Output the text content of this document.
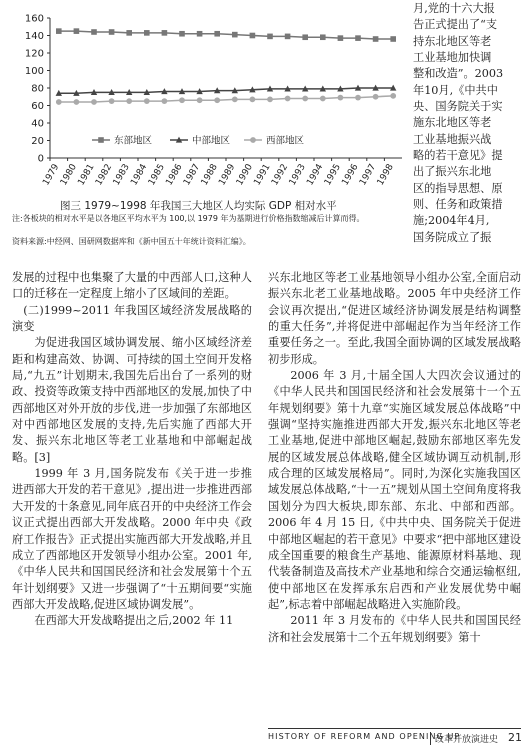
0
20
40
60
80
100
120
140
160
1979
1980
1981
1982
1983
1984
1985
1986
1987
1988
1989
1990
1991
1992
1993
1994
1995
1996
1997
1998
东部地区	中部地区	西部地区
图三 1979~1998 年我国三大地区人均实际 GDP 相对水平
注:各板块的相对水平是以各地区平均水平为 100,以 1979 年为基期进行价格指数缩减后计算而得。
资料来源:中经网、国研网数据库和《新中国五十年统计资料汇编》。
月,党的十六大报
告正式提出了“支
持东北地区等老
工业基地加快调
整和改造”。2003
年10月,《中共中
央、国务院关于实
施东北地区等老
工业基地振兴战
略的若干意见》提
出了振兴东北地
区的指导思想、原
则、任务和政策措
施;2004年4月,
国务院成立了振

发展的过程中也集聚了大量的中西部人口,这种人口的迁移在一定程度上缩小了区域间的差距。

(二)1999~2011 年我国区域经济发展战略的演变

为促进我国区域协调发展、缩小区域经济差距和构建高效、协调、可持续的国土空间开发格局,“九五”计划期末,我国先后出台了一系列的财政、投资等政策支持中西部地区的发展,加快了中西部地区对外开放的步伐,进一步加强了东部地区对中西部地区发展的支持,先后实施了西部大开发、振兴东北地区等老工业基地和中部崛起战略。[3]

1999 年 3 月,国务院发布《关于进一步推进西部大开发的若干意见》,提出进一步推进西部大开发的十条意见,同年底召开的中央经济工作会议正式提出西部大开发战略。2000 年中央《政府工作报告》正式提出实施西部大开发战略,并且成立了西部地区开发领导小组办公室。2001 年,《中华人民共和国国民经济和社会发展第十个五年计划纲要》又进一步强调了“十五期间要“实施西部大开发战略,促进区域协调发展”。

在西部大开发战略提出之后,2002 年 11

兴东北地区等老工业基地领导小组办公室,全面启动振兴东北老工业基地战略。2005 年中央经济工作会议再次提出,“促进区域经济协调发展是结构调整的重大任务”,并将促进中部崛起作为当年经济工作重要任务之一。至此,我国全面协调的区域发展战略初步形成。

2006 年 3 月,十届全国人大四次会议通过的《中华人民共和国国民经济和社会发展第十一个五年规划纲要》第十九章“实施区域发展总体战略”中强调“坚持实施推进西部大开发,振兴东北地区等老工业基地,促进中部地区崛起,鼓励东部地区率先发展的区域发展总体战略,健全区域协调互动机制,形成合理的区域发展格局”。同时,为深化实施我国区域发展总体战略,“十一五”规划从国土空间角度将我国划分为四大板块,即东部、东北、中部和西部。2006 年 4 月 15 日,《中共中央、国务院关于促进中部地区崛起的若干意见》中要求“把中部地区建设成全国重要的粮食生产基地、能源原材料基地、现代装备制造及高技术产业基地和综合交通运输枢纽,使中部地区在发挥承东启西和产业发展优势中崛起”,标志着中部崛起战略进入实施阶段。

2011 年 3 月发布的《中华人民共和国国民经济和社会发展第十二个五年规划纲要》第十

HISTORY OF REFORM AND OPENING UP
改革开放演进史 21
